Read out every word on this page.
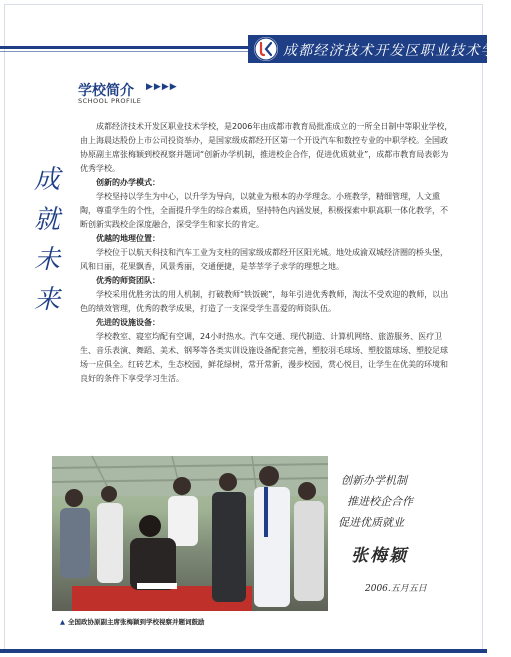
成都经济技术开发区职业技术学校
学校简介 ▶▶▶▶
SCHOOL PROFILE
成
就
未
来

成都经济技术开发区职业技术学校，是2006年由成都市教育局批准成立的一所全日制中等职业学校，由上海晨达股份上市公司投资举办，是国家级成都经开区第一个开设汽车和数控专业的中职学校。全国政协原副主席张梅颖到校视察并题词“创新办学机制，推进校企合作，促进优质就业”，成都市教育局表彰为优秀学校。

创新的办学模式：

学校坚持以学生为中心，以升学为导向，以就业为根本的办学理念。小班教学，精细管理，人文熏陶，尊重学生的个性，全面提升学生的综合素质，坚持特色内涵发展，积极探索中职高职一体化教学，不断创新实践校企深度融合，深受学生和家长的肯定。

优越的地理位置：

学校位于以航天科技和汽车工业为支柱的国家级成都经开区阳光城。地处成渝双城经济圈的桥头堡，风和日丽，花果飘香，风景秀丽，交通便捷，是莘莘学子求学的理想之地。

优秀的师资团队：

学校采用优胜劣汰的用人机制，打破教师“铁饭碗”，每年引进优秀教师，淘汰不受欢迎的教师，以出色的绩效管理，优秀的教学成果，打造了一支深受学生喜爱的师资队伍。

先进的设施设备：

学校教室、寝室均配有空调，24小时热水。汽车交通、现代制造、计算机网络、旅游服务、医疗卫生、音乐表演、舞蹈、美术、钢琴等各类实训设施设备配套完善，塑胶羽毛球场、塑胶篮球场、塑胶足球场一应俱全。红砖艺术，生态校园，鲜花绿树，常开常新，漫步校园，赏心悦目，让学生在优美的环境和良好的条件下享受学习生活。

创新办学机制
推进校企合作
促进优质就业
张梅颖
2006.五月五日
▲ 全国政协原副主席张梅颖到学校视察并题词鼓励
